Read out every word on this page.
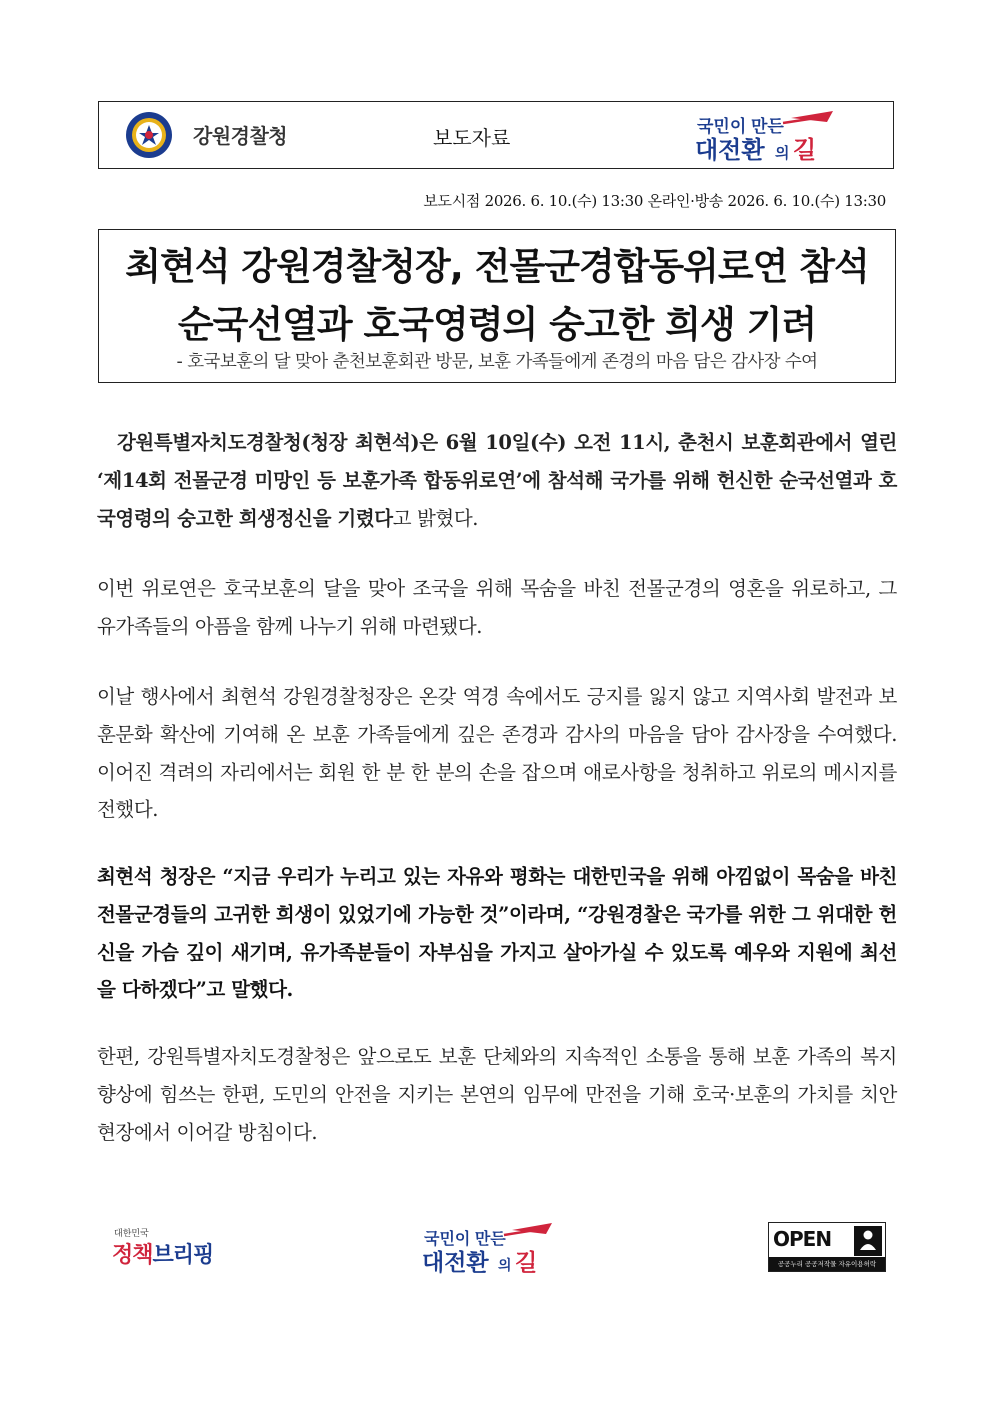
강원경찰청	보도자료	국민이 만든
대전환 의 길
보도시점 2026. 6. 10.(수) 13:30 온라인·방송 2026. 6. 10.(수) 13:30
최현석 강원경찰청장, 전몰군경합동위로연 참석
순국선열과 호국영령의 숭고한 희생 기려
- 호국보훈의 달 맞아 춘천보훈회관 방문, 보훈 가족들에게 존경의 마음 담은 감사장 수여
강원특별자치도경찰청(청장 최현석)은 6월 10일(수) 오전 11시, 춘천시 보훈회관에서 열린 ‘제14회 전몰군경 미망인 등 보훈가족 합동위로연’에 참석해 국가를 위해 헌신한 순국선열과 호국영령의 숭고한 희생정신을 기렸다고 밝혔다.
이번 위로연은 호국보훈의 달을 맞아 조국을 위해 목숨을 바친 전몰군경의 영혼을 위로하고, 그 유가족들의 아픔을 함께 나누기 위해 마련됐다.
이날 행사에서 최현석 강원경찰청장은 온갖 역경 속에서도 긍지를 잃지 않고 지역사회 발전과 보훈문화 확산에 기여해 온 보훈 가족들에게 깊은 존경과 감사의 마음을 담아 감사장을 수여했다. 이어진 격려의 자리에서는 회원 한 분 한 분의 손을 잡으며 애로사항을 청취하고 위로의 메시지를 전했다.
최현석 청장은 “지금 우리가 누리고 있는 자유와 평화는 대한민국을 위해 아낌없이 목숨을 바친 전몰군경들의 고귀한 희생이 있었기에 가능한 것”이라며, “강원경찰은 국가를 위한 그 위대한 헌신을 가슴 깊이 새기며, 유가족분들이 자부심을 가지고 살아가실 수 있도록 예우와 지원에 최선을 다하겠다”고 말했다.
한편, 강원특별자치도경찰청은 앞으로도 보훈 단체와의 지속적인 소통을 통해 보훈 가족의 복지 향상에 힘쓰는 한편, 도민의 안전을 지키는 본연의 임무에 만전을 기해 호국·보훈의 가치를 치안 현장에서 이어갈 방침이다.
대한민국
정책브리핑
국민이 만든
대전환 의 길
OPEN
공공누리 공공저작물 자유이용허락
